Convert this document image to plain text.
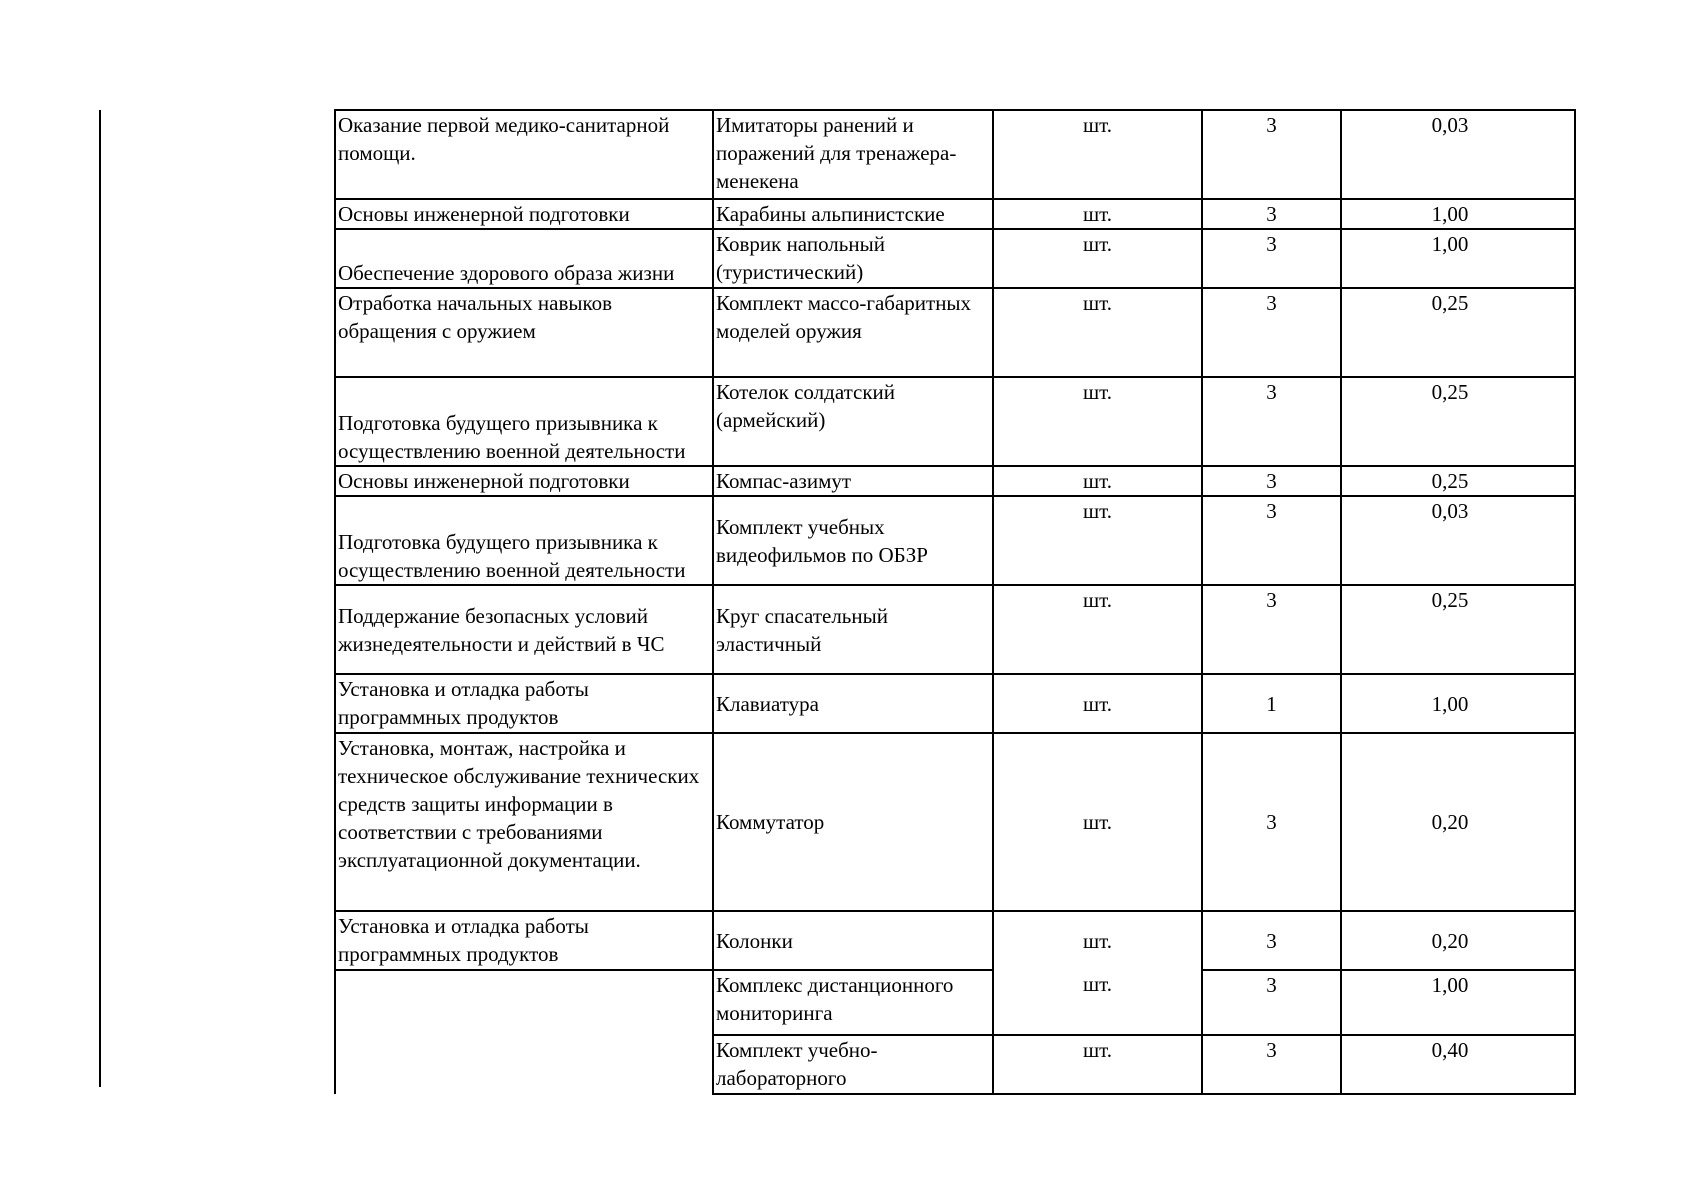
Оказание первой медико-санитарной помощи.	Имитаторы ранений и поражений для тренажера-менекена	шт.	3	0,03
Основы инженерной подготовки	Карабины альпинистские	шт.	3	1,00
Обеспечение здорового образа жизни	Коврик напольный (туристический)	шт.	3	1,00
Отработка начальных навыков обращения с оружием	Комплект массо-габаритных моделей оружия	шт.	3	0,25
Подготовка будущего призывника к осуществлению военной деятельности	Котелок солдатский (армейский)	шт.	3	0,25
Основы инженерной подготовки	Компас-азимут	шт.	3	0,25
Подготовка будущего призывника к осуществлению военной деятельности	Комплект учебных видеофильмов по ОБЗР	шт.	3	0,03
Поддержание безопасных условий жизнедеятельности и действий в ЧС	Круг спасательный эластичный	шт.	3	0,25
Установка и отладка работы программных продуктов	Клавиатура	шт.	1	1,00
Установка, монтаж, настройка и техническое обслуживание технических средств защиты информации в соответствии с требованиями эксплуатационной документации.	Коммутатор	шт.	3	0,20
Установка и отладка работы программных продуктов	Колонки	шт.	3	0,20
	Комплекс дистанционного мониторинга	шт.	3	1,00
	Комплект учебно-лабораторного	шт.	3	0,40
